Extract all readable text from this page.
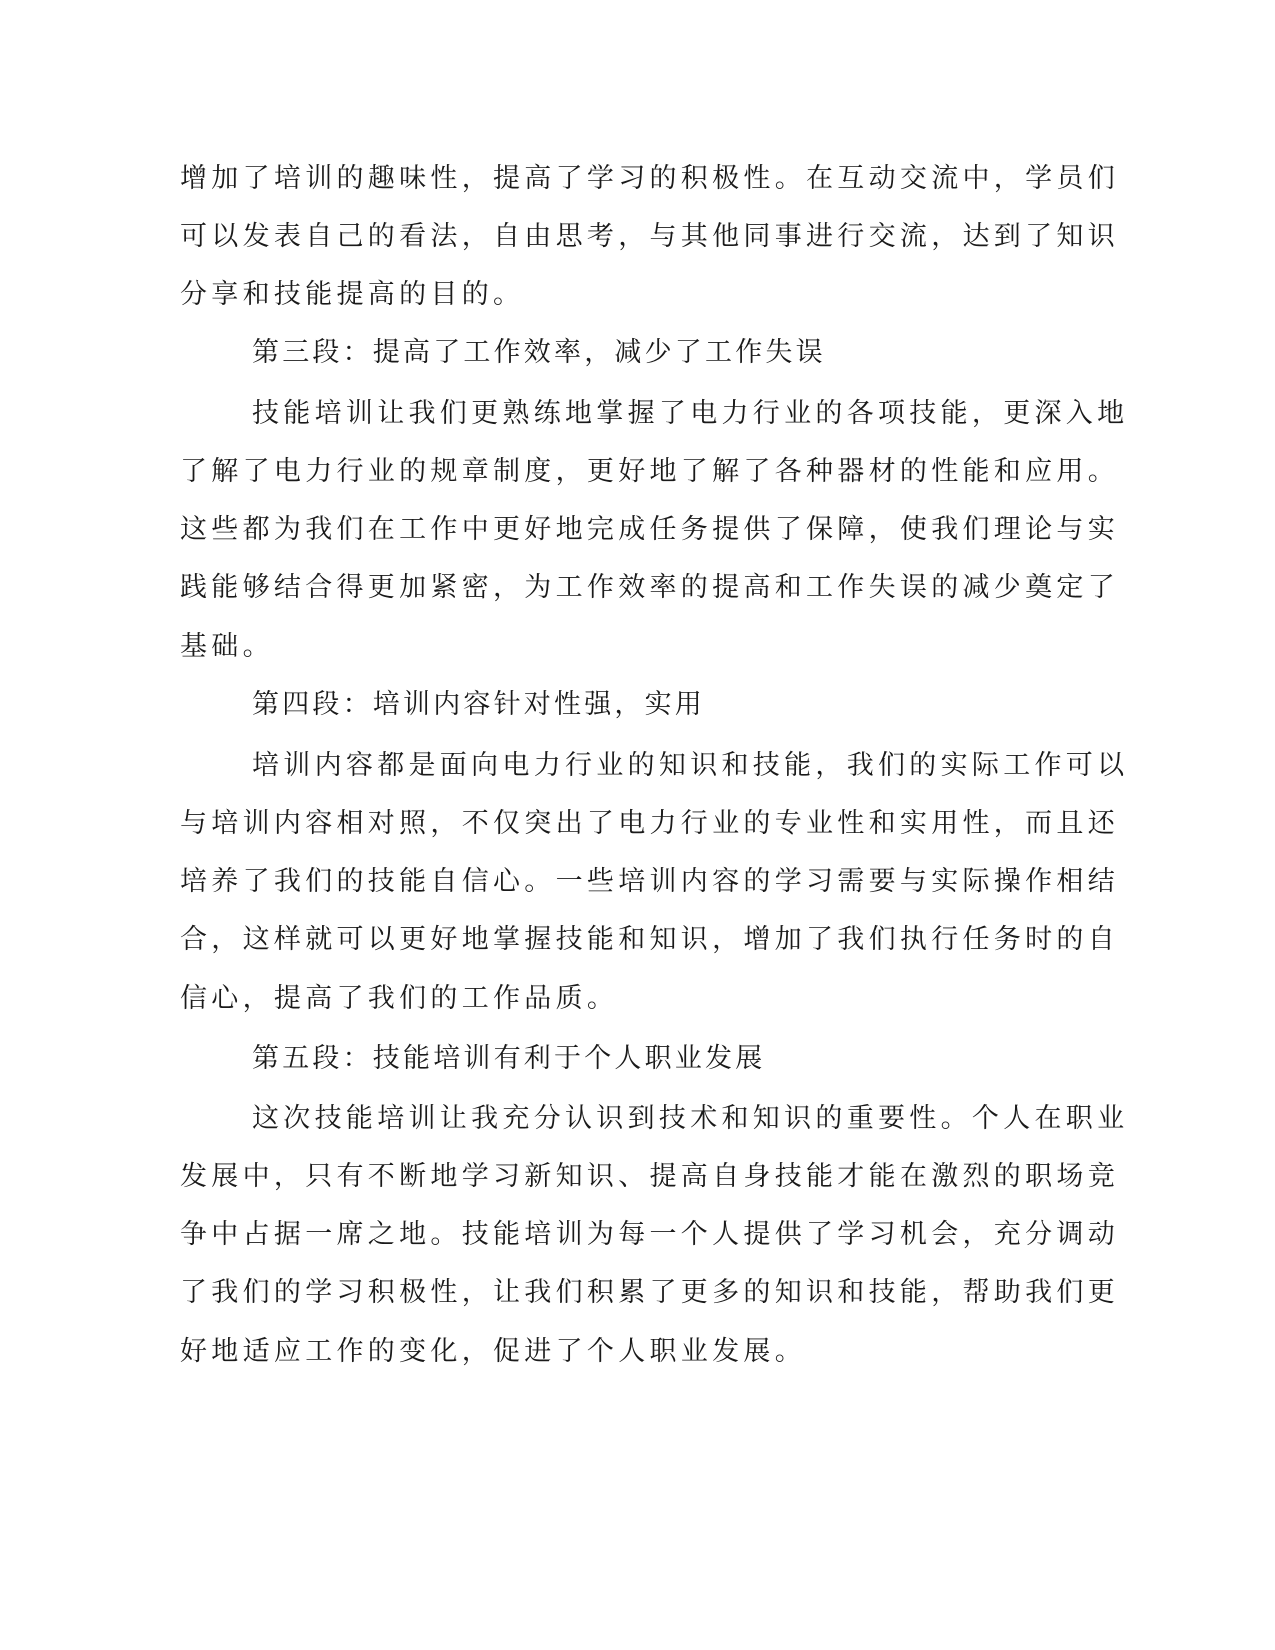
增加了培训的趣味性，提高了学习的积极性。在互动交流中，学员们

可以发表自己的看法，自由思考，与其他同事进行交流，达到了知识

分享和技能提高的目的。

第三段：提高了工作效率，减少了工作失误

技能培训让我们更熟练地掌握了电力行业的各项技能，更深入地

了解了电力行业的规章制度，更好地了解了各种器材的性能和应用。

这些都为我们在工作中更好地完成任务提供了保障，使我们理论与实

践能够结合得更加紧密，为工作效率的提高和工作失误的减少奠定了

基础。

第四段：培训内容针对性强，实用

培训内容都是面向电力行业的知识和技能，我们的实际工作可以

与培训内容相对照，不仅突出了电力行业的专业性和实用性，而且还

培养了我们的技能自信心。一些培训内容的学习需要与实际操作相结

合，这样就可以更好地掌握技能和知识，增加了我们执行任务时的自

信心，提高了我们的工作品质。

第五段：技能培训有利于个人职业发展

这次技能培训让我充分认识到技术和知识的重要性。个人在职业

发展中，只有不断地学习新知识、提高自身技能才能在激烈的职场竞

争中占据一席之地。技能培训为每一个人提供了学习机会，充分调动

了我们的学习积极性，让我们积累了更多的知识和技能，帮助我们更

好地适应工作的变化，促进了个人职业发展。
